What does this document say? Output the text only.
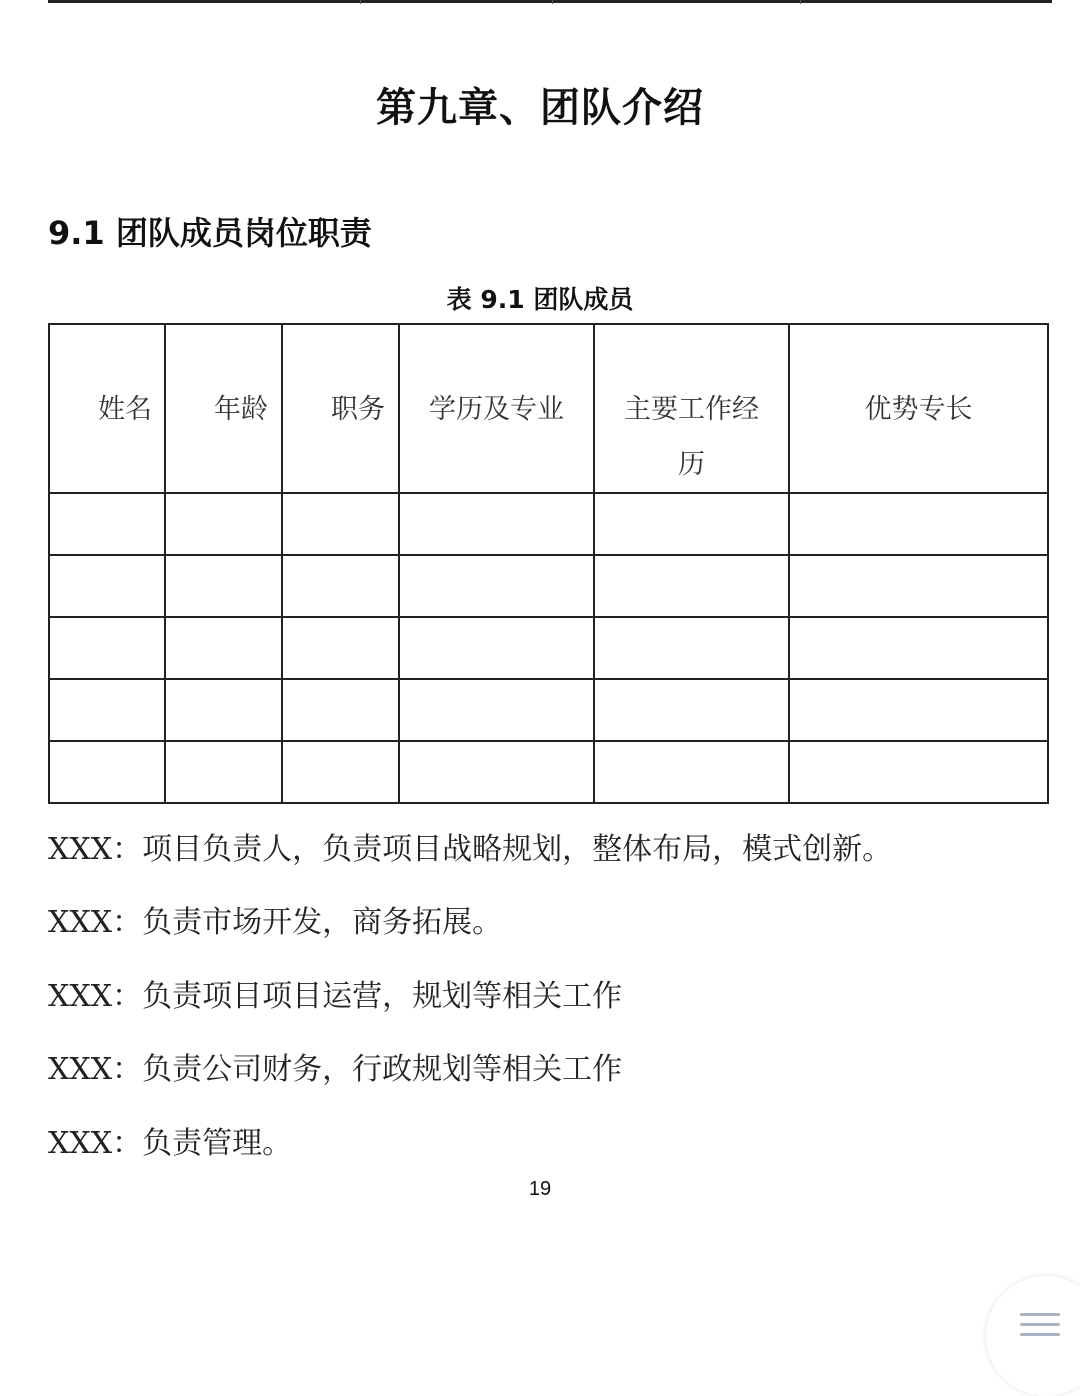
第九章、团队介绍
9.1 团队成员岗位职责
表 9.1 团队成员
姓名	年龄	职务	学历及专业	主要工作经历	优势专长

XXX：项目负责人，负责项目战略规划，整体布局，模式创新。
XXX：负责市场开发，商务拓展。
XXX：负责项目项目运营，规划等相关工作
XXX：负责公司财务，行政规划等相关工作
XXX：负责管理。
19
